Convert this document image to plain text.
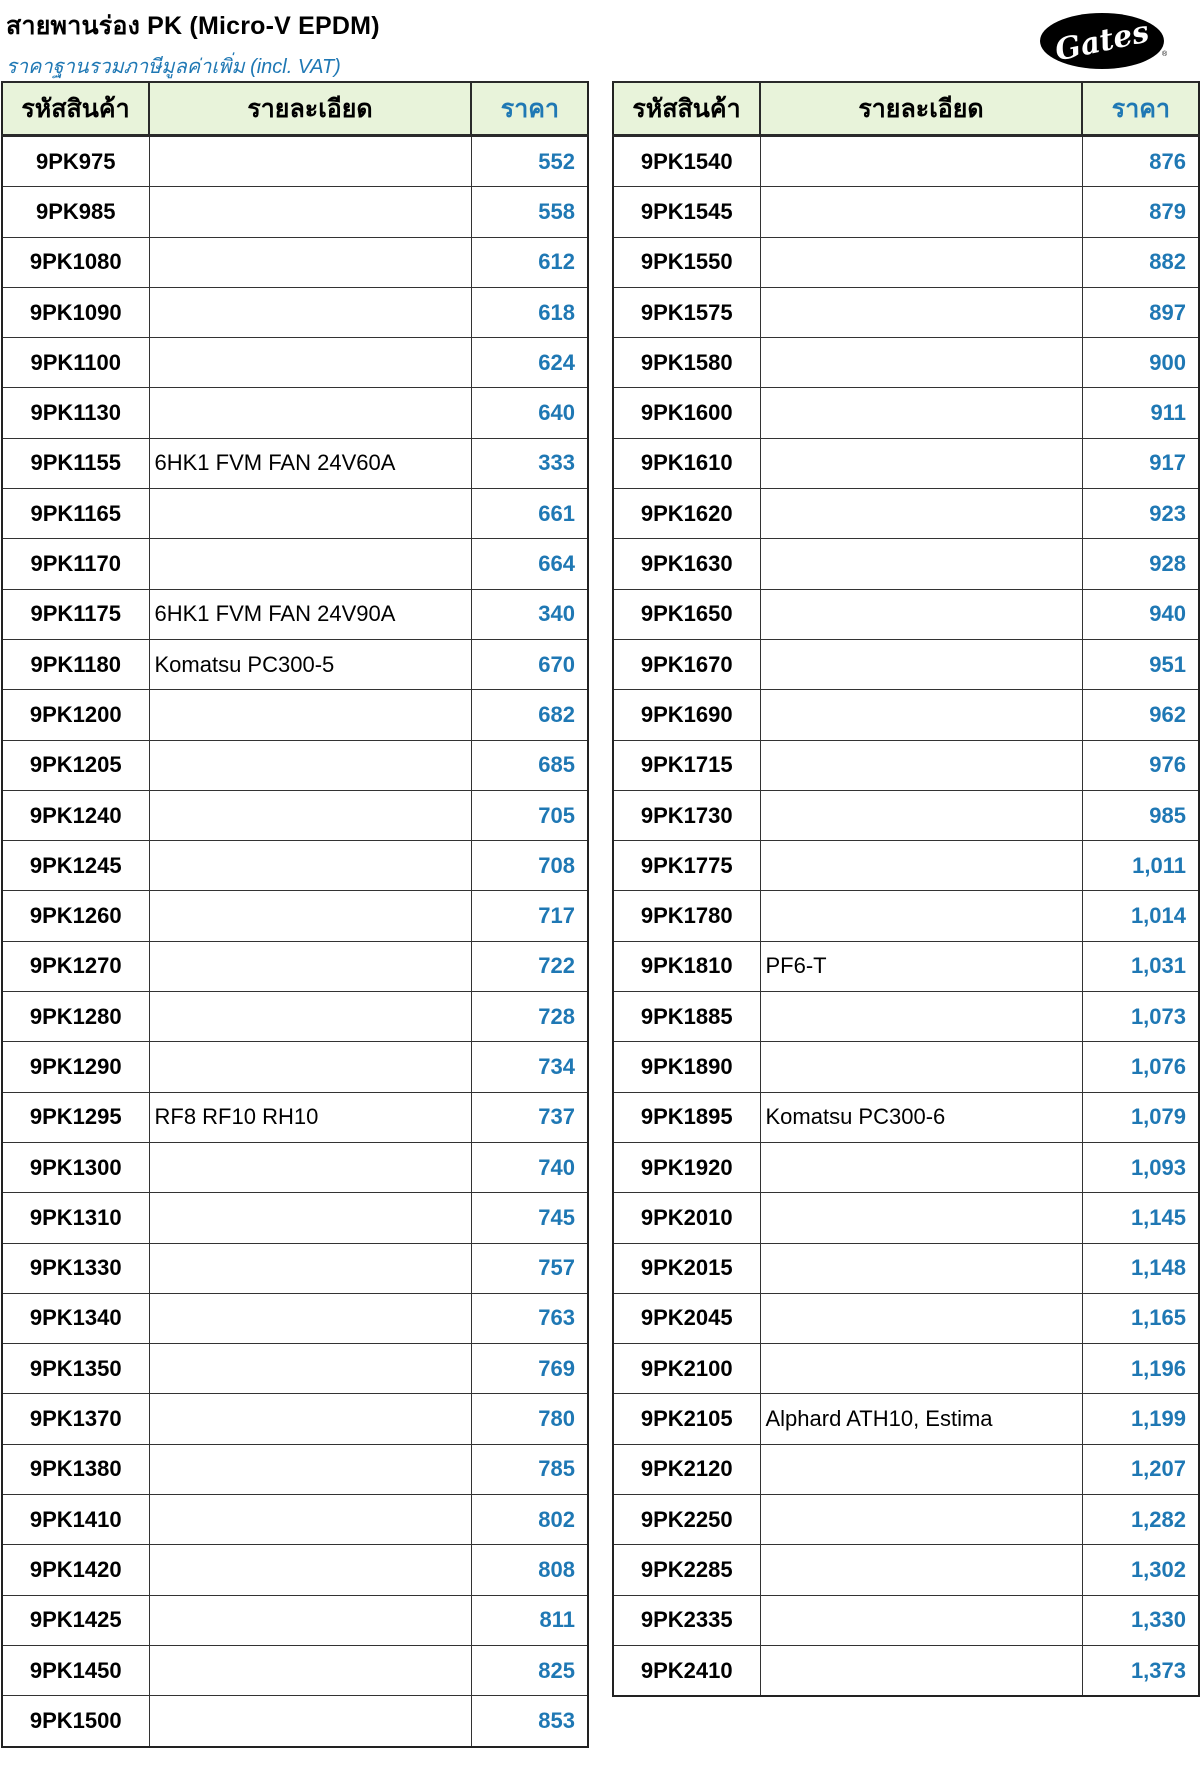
สายพานร่อง PK (Micro-V EPDM)
ราคาฐานรวมภาษีมูลค่าเพิ่ม (incl. VAT)	Gates ®
รหัสสินค้า	รายละเอียด	ราคา
9PK975		552
9PK985		558
9PK1080		612
9PK1090		618
9PK1100		624
9PK1130		640
9PK1155	6HK1 FVM FAN 24V60A	333
9PK1165		661
9PK1170		664
9PK1175	6HK1 FVM FAN 24V90A	340
9PK1180	Komatsu PC300-5	670
9PK1200		682
9PK1205		685
9PK1240		705
9PK1245		708
9PK1260		717
9PK1270		722
9PK1280		728
9PK1290		734
9PK1295	RF8 RF10 RH10	737
9PK1300		740
9PK1310		745
9PK1330		757
9PK1340		763
9PK1350		769
9PK1370		780
9PK1380		785
9PK1410		802
9PK1420		808
9PK1425		811
9PK1450		825
9PK1500		853
รหัสสินค้า	รายละเอียด	ราคา
9PK1540		876
9PK1545		879
9PK1550		882
9PK1575		897
9PK1580		900
9PK1600		911
9PK1610		917
9PK1620		923
9PK1630		928
9PK1650		940
9PK1670		951
9PK1690		962
9PK1715		976
9PK1730		985
9PK1775		1,011
9PK1780		1,014
9PK1810	PF6-T	1,031
9PK1885		1,073
9PK1890		1,076
9PK1895	Komatsu PC300-6	1,079
9PK1920		1,093
9PK2010		1,145
9PK2015		1,148
9PK2045		1,165
9PK2100		1,196
9PK2105	Alphard ATH10, Estima	1,199
9PK2120		1,207
9PK2250		1,282
9PK2285		1,302
9PK2335		1,330
9PK2410		1,373
